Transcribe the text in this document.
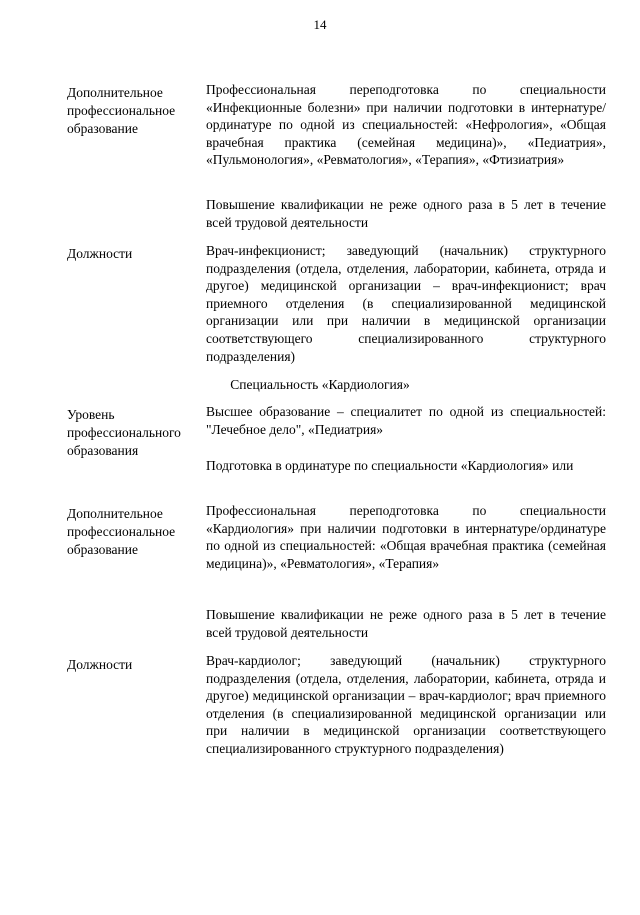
14
Дополнительное
профессиональное
образование
Профессиональная переподготовка по специальности «Инфекционные болезни» при наличии подготовки в интернатуре/ординатуре по одной из специальностей: «Нефрология», «Общая врачебная практика (семейная медицина)», «Педиатрия», «Пульмонология», «Ревматология», «Терапия», «Фтизиатрия»
Повышение квалификации не реже одного раза в 5 лет в течение всей трудовой деятельности
Должности	Врач-инфекционист; заведующий (начальник) структурного подразделения (отдела, отделения, лаборатории, кабинета, отряда и другое) медицинской организации – врач-инфекционист; врач приемного отделения (в специализированной медицинской организации или при наличии в медицинской организации соответствующего специализированного структурного подразделения)
Специальность «Кардиология»
Уровень
профессионального
образования
Высшее образование – специалитет по одной из специальностей: "Лечебное дело", «Педиатрия»
Подготовка в ординатуре по специальности «Кардиология» или
Дополнительное
профессиональное
образование
Профессиональная переподготовка по специальности «Кардиология» при наличии подготовки в интернатуре/ординатуре по одной из специальностей: «Общая врачебная практика (семейная медицина)», «Ревматология», «Терапия»
Повышение квалификации не реже одного раза в 5 лет в течение всей трудовой деятельности
Должности	Врач-кардиолог; заведующий (начальник) структурного подразделения (отдела, отделения, лаборатории, кабинета, отряда и другое) медицинской организации – врач-кардиолог; врач приемного отделения (в специализированной медицинской организации или при наличии в медицинской организации соответствующего специализированного структурного подразделения)
